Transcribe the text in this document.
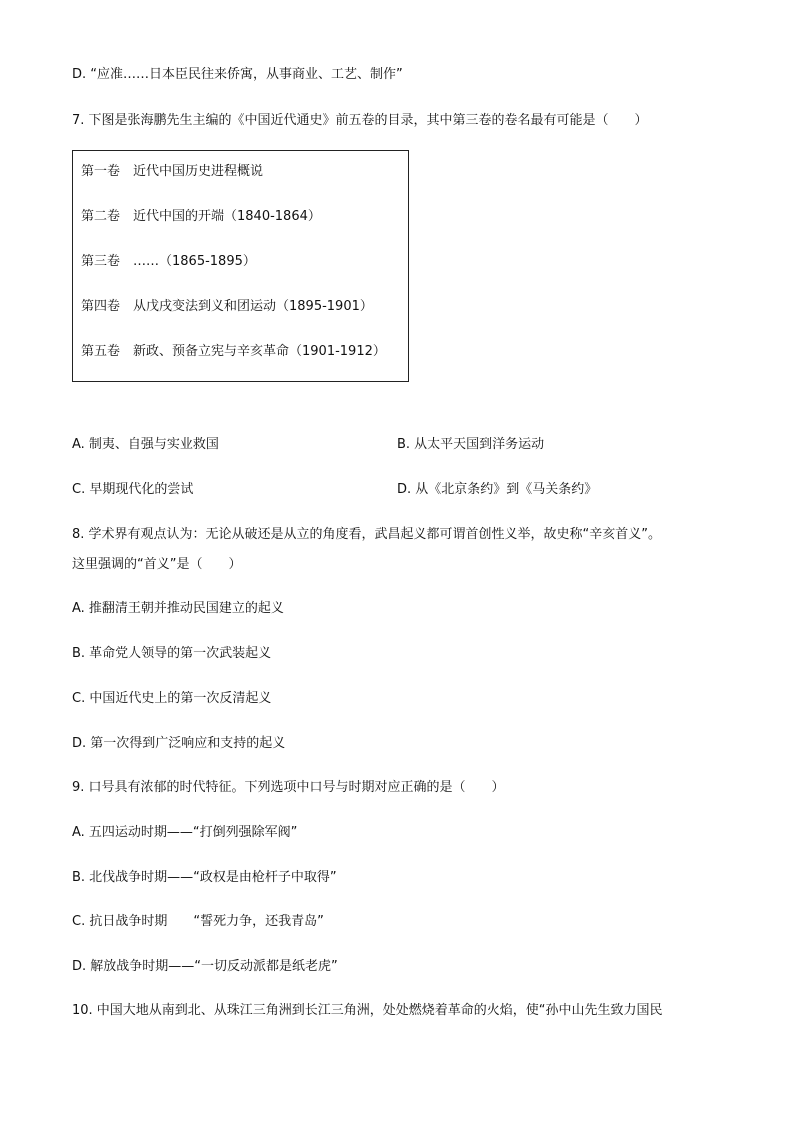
D. “应准……日本臣民往来侨寓，从事商业、工艺、制作”
7. 下图是张海鹏先生主编的《中国近代通史》前五卷的目录，其中第三卷的卷名最有可能是（　　）
第一卷　近代中国历史进程概说
第二卷　近代中国的开端（1840-1864）
第三卷　……（1865-1895）
第四卷　从戊戌变法到义和团运动（1895-1901）
第五卷　新政、预备立宪与辛亥革命（1901-1912）
A. 制夷、自强与实业救国	B. 从太平天国到洋务运动
C. 早期现代化的尝试	D. 从《北京条约》到《马关条约》
8. 学术界有观点认为：无论从破还是从立的角度看，武昌起义都可谓首创性义举，故史称“辛亥首义”。
这里强调的“首义”是（　　）
A. 推翻清王朝并推动民国建立的起义
B. 革命党人领导的第一次武装起义
C. 中国近代史上的第一次反清起义
D. 第一次得到广泛响应和支持的起义
9. 口号具有浓郁的时代特征。下列选项中口号与时期对应正确的是（　　）
A. 五四运动时期——“打倒列强除军阀”
B. 北伐战争时期——“政权是由枪杆子中取得”
C. 抗日战争时期　　“誓死力争，还我青岛”
D. 解放战争时期——“一切反动派都是纸老虎”
10. 中国大地从南到北、从珠江三角洲到长江三角洲，处处燃烧着革命的火焰，使“孙中山先生致力国民
